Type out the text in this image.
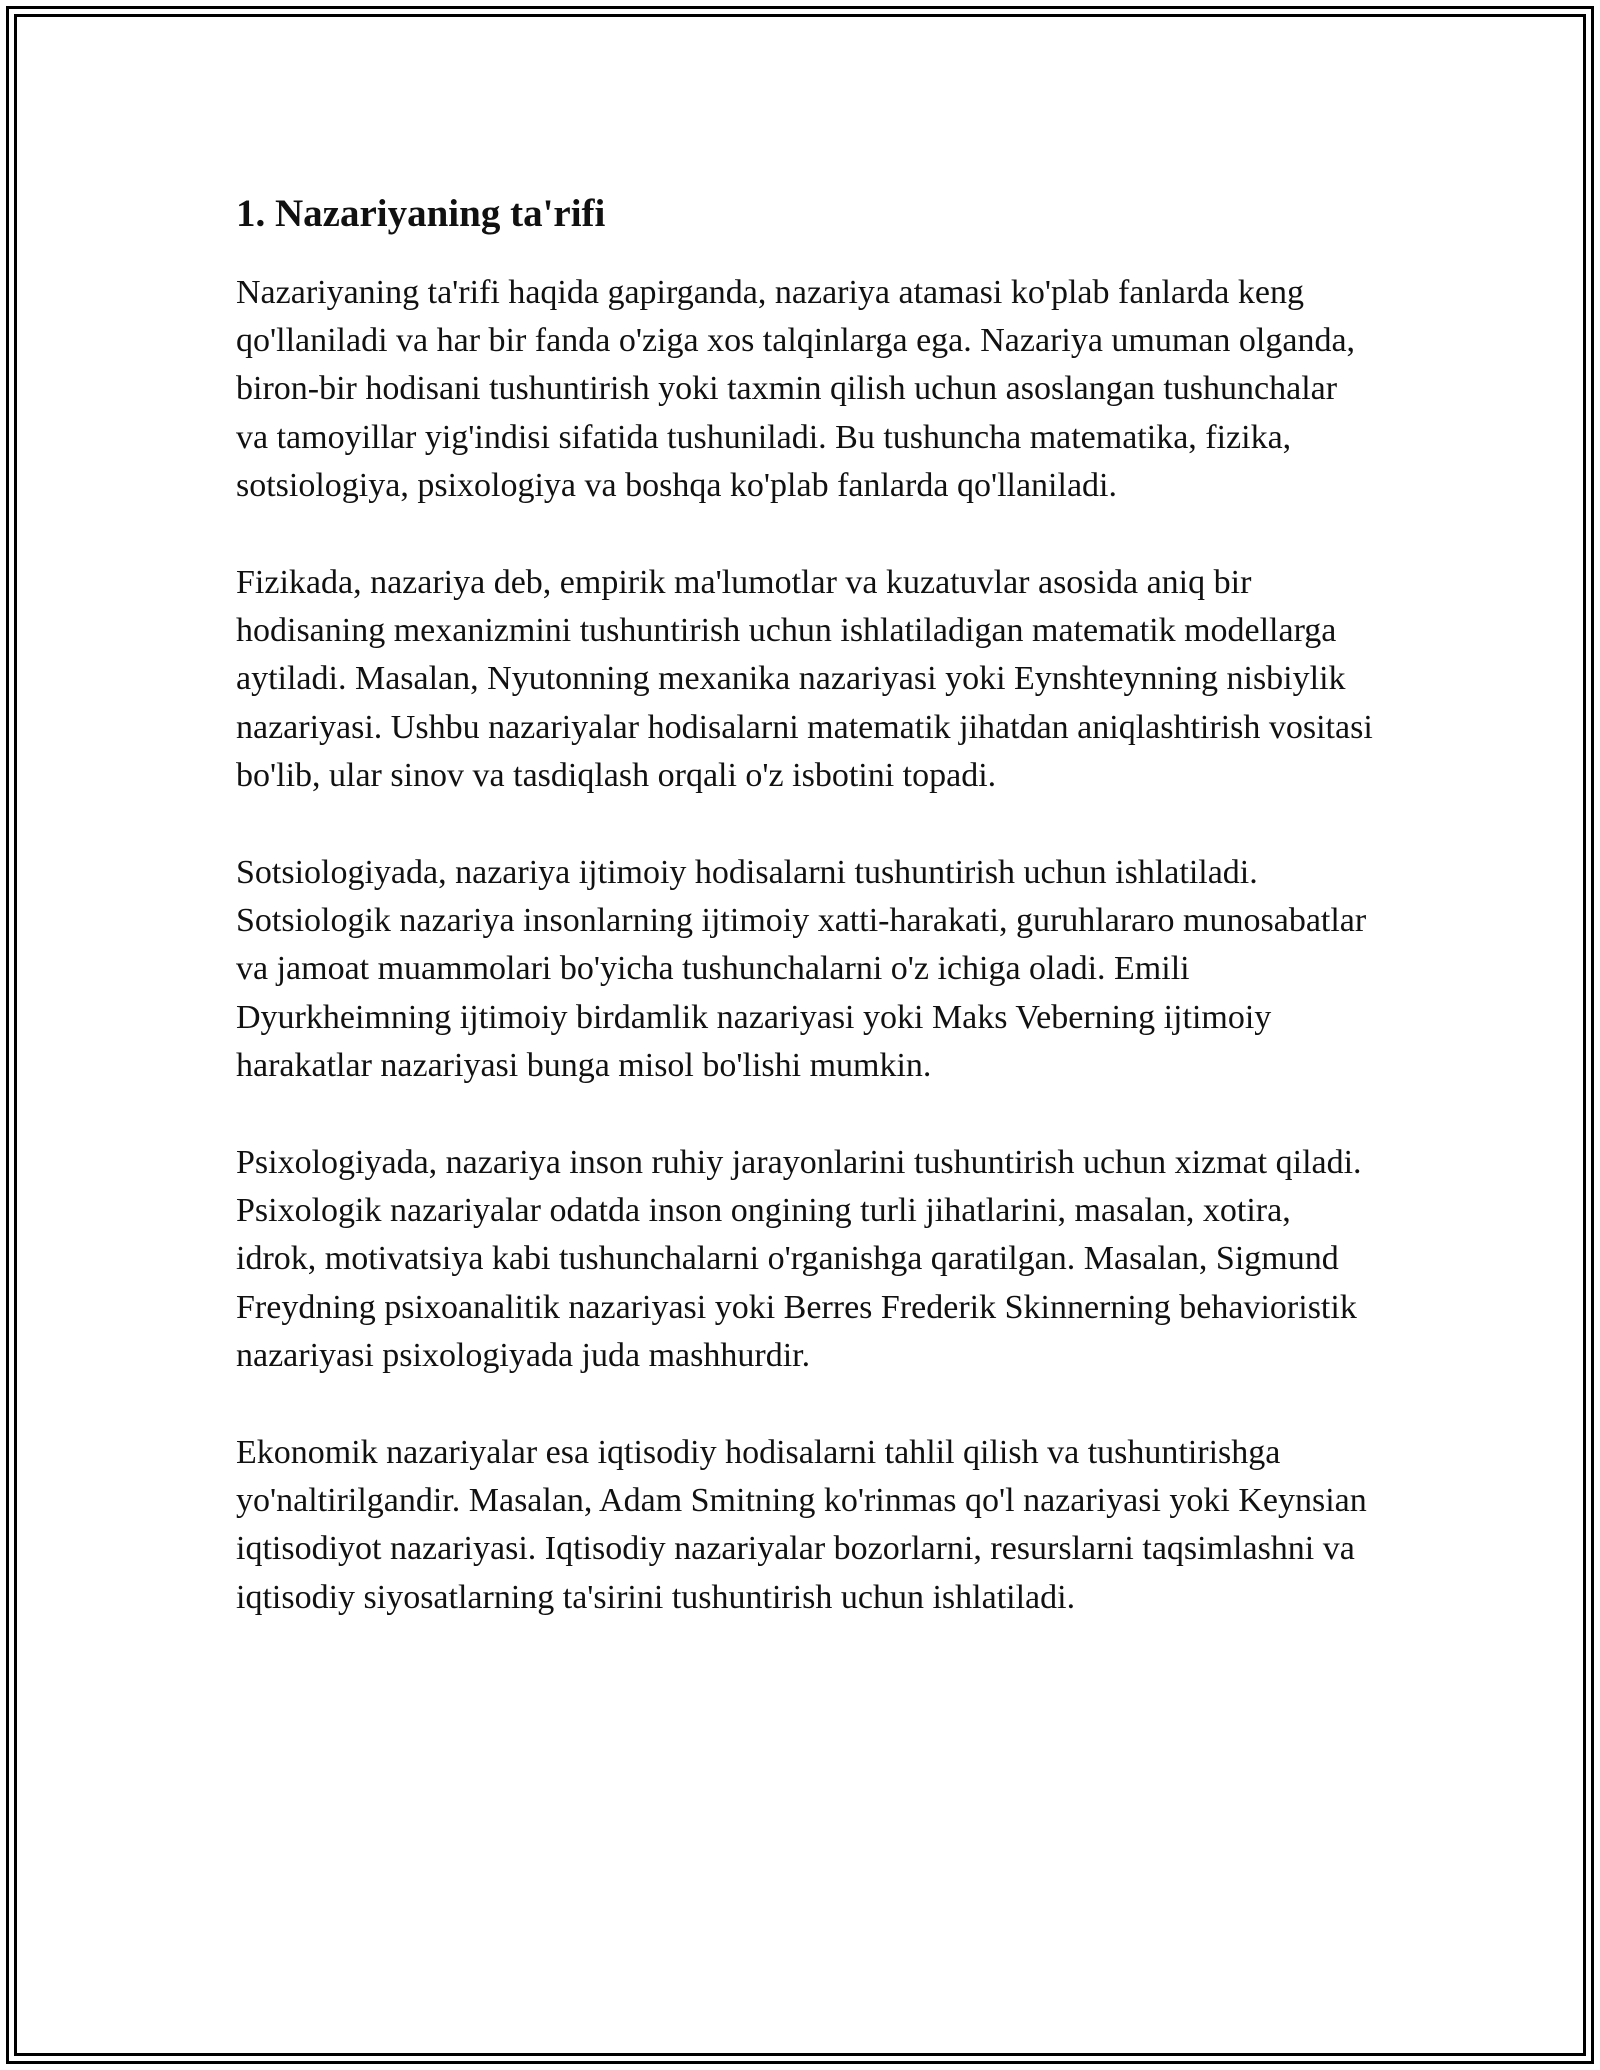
1. Nazariyaning ta'rifi

Nazariyaning ta'rifi haqida gapirganda, nazariya atamasi ko'plab fanlarda keng qo'llaniladi va har bir fanda o'ziga xos talqinlarga ega. Nazariya umuman olganda, biron-bir hodisani tushuntirish yoki taxmin qilish uchun asoslangan tushunchalar va tamoyillar yig'indisi sifatida tushuniladi. Bu tushuncha matematika, fizika, sotsiologiya, psixologiya va boshqa ko'plab fanlarda qo'llaniladi.

Fizikada, nazariya deb, empirik ma'lumotlar va kuzatuvlar asosida aniq bir hodisaning mexanizmini tushuntirish uchun ishlatiladigan matematik modellarga aytiladi. Masalan, Nyutonning mexanika nazariyasi yoki Eynshteynning nisbiylik nazariyasi. Ushbu nazariyalar hodisalarni matematik jihatdan aniqlashtirish vositasi bo'lib, ular sinov va tasdiqlash orqali o'z isbotini topadi.

Sotsiologiyada, nazariya ijtimoiy hodisalarni tushuntirish uchun ishlatiladi. Sotsiologik nazariya insonlarning ijtimoiy xatti-harakati, guruhlararo munosabatlar va jamoat muammolari bo'yicha tushunchalarni o'z ichiga oladi. Emili Dyurkheimning ijtimoiy birdamlik nazariyasi yoki Maks Veberning ijtimoiy harakatlar nazariyasi bunga misol bo'lishi mumkin.

Psixologiyada, nazariya inson ruhiy jarayonlarini tushuntirish uchun xizmat qiladi. Psixologik nazariyalar odatda inson ongining turli jihatlarini, masalan, xotira, idrok, motivatsiya kabi tushunchalarni o'rganishga qaratilgan. Masalan, Sigmund Freydning psixoanalitik nazariyasi yoki Berres Frederik Skinnerning behavioristik nazariyasi psixologiyada juda mashhurdir.

Ekonomik nazariyalar esa iqtisodiy hodisalarni tahlil qilish va tushuntirishga yo'naltirilgandir. Masalan, Adam Smitning ko'rinmas qo'l nazariyasi yoki Keynsian iqtisodiyot nazariyasi. Iqtisodiy nazariyalar bozorlarni, resurslarni taqsimlashni va iqtisodiy siyosatlarning ta'sirini tushuntirish uchun ishlatiladi.
